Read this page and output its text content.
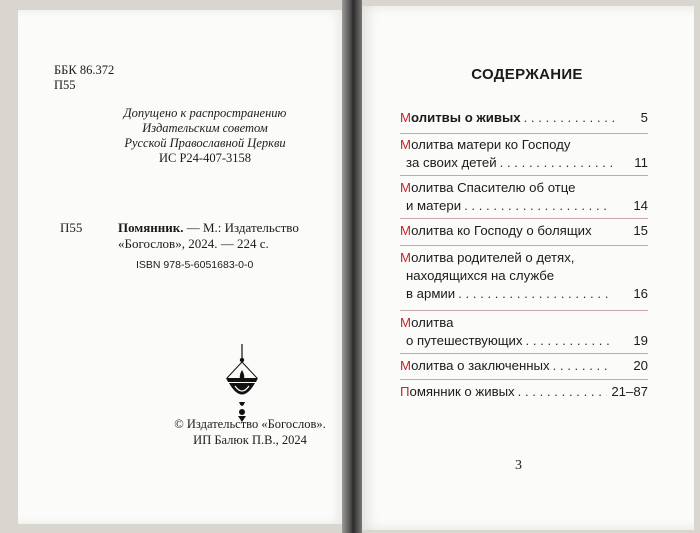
ББК 86.372
П55
Допущено к распространению
Издательским советом
Русской Православной Церкви
ИС Р24-407-3158
П55	Помянник. — М.: Издательство
«Богослов», 2024. — 224 с.
ISBN 978-5-6051683-0-0
© Издательство «Богослов».
ИП Балюк П.В., 2024
СОДЕРЖАНИЕ
Молитвы о живых . . .	5
Молитва матери ко Господу
за своих детей . . .	11
Молитва Спасителю об отце
и матери . . .	14
Молитва ко Господу о болящих	15
Молитва родителей о детях,
находящихся на службе
в армии . . .	16
Молитва
о путешествующих . . .	19
Молитва о заключенных . . .	20
Помянник о живых . . .	21–87
3
